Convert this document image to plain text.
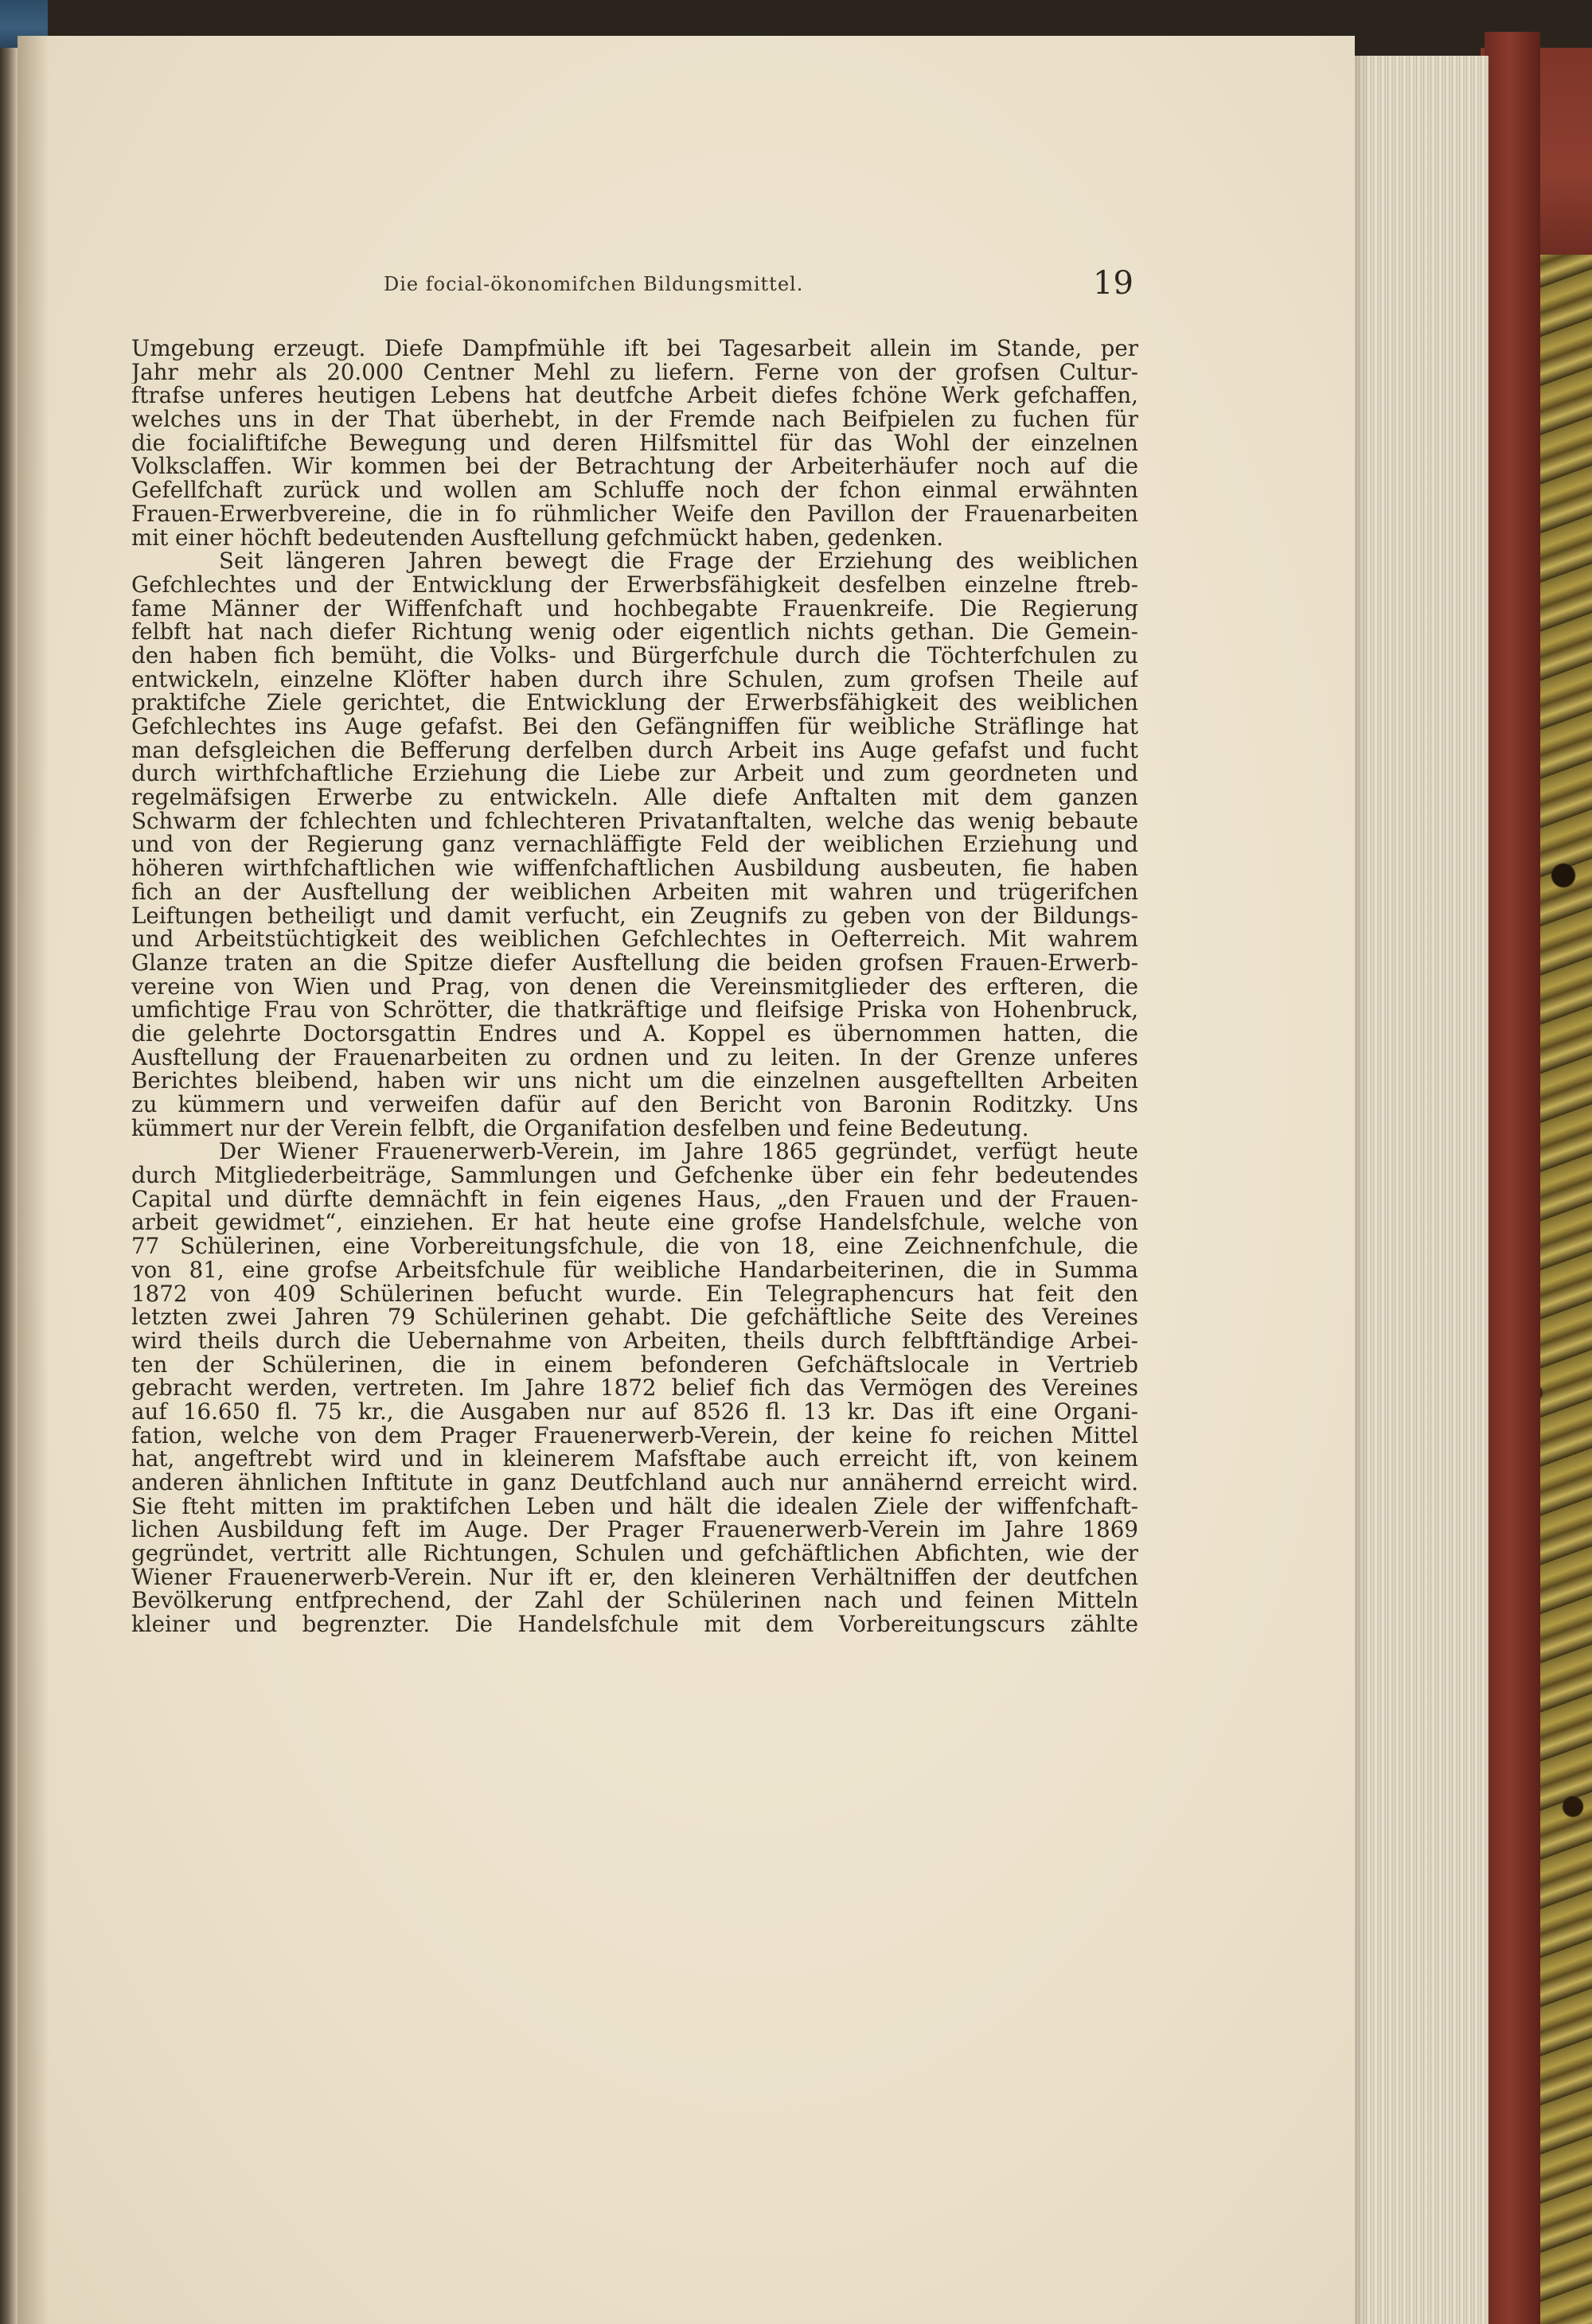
Die focial-ökonomifchen Bildungsmittel.	19
Umgebung erzeugt. Diefe Dampfmühle ift bei Tagesarbeit allein im Stande, per
Jahr mehr als 20.000 Centner Mehl zu liefern. Ferne von der grofsen Cultur-
ftrafse unferes heutigen Lebens hat deutfche Arbeit diefes fchöne Werk gefchaffen,
welches uns in der That überhebt, in der Fremde nach Beifpielen zu fuchen für
die focialiftifche Bewegung und deren Hilfsmittel für das Wohl der einzelnen
Volksclaffen. Wir kommen bei der Betrachtung der Arbeiterhäufer noch auf die
Gefellfchaft zurück und wollen am Schluffe noch der fchon einmal erwähnten
Frauen-Erwerbvereine, die in fo rühmlicher Weife den Pavillon der Frauenarbeiten
mit einer höchft bedeutenden Ausftellung gefchmückt haben, gedenken.
Seit längeren Jahren bewegt die Frage der Erziehung des weiblichen
Gefchlechtes und der Entwicklung der Erwerbsfähigkeit desfelben einzelne ftreb-
fame Männer der Wiffenfchaft und hochbegabte Frauenkreife. Die Regierung
felbft hat nach diefer Richtung wenig oder eigentlich nichts gethan. Die Gemein-
den haben fich bemüht, die Volks- und Bürgerfchule durch die Töchterfchulen zu
entwickeln, einzelne Klöfter haben durch ihre Schulen, zum grofsen Theile auf
praktifche Ziele gerichtet, die Entwicklung der Erwerbsfähigkeit des weiblichen
Gefchlechtes ins Auge gefafst. Bei den Gefängniffen für weibliche Sträflinge hat
man defsgleichen die Befferung derfelben durch Arbeit ins Auge gefafst und fucht
durch wirthfchaftliche Erziehung die Liebe zur Arbeit und zum geordneten und
regelmäfsigen Erwerbe zu entwickeln. Alle diefe Anftalten mit dem ganzen
Schwarm der fchlechten und fchlechteren Privatanftalten, welche das wenig bebaute
und von der Regierung ganz vernachläffigte Feld der weiblichen Erziehung und
höheren wirthfchaftlichen wie wiffenfchaftlichen Ausbildung ausbeuten, fie haben
fich an der Ausftellung der weiblichen Arbeiten mit wahren und trügerifchen
Leiftungen betheiligt und damit verfucht, ein Zeugnifs zu geben von der Bildungs-
und Arbeitstüchtigkeit des weiblichen Gefchlechtes in Oefterreich. Mit wahrem
Glanze traten an die Spitze diefer Ausftellung die beiden grofsen Frauen-Erwerb-
vereine von Wien und Prag, von denen die Vereinsmitglieder des erfteren, die
umfichtige Frau von Schrötter, die thatkräftige und fleifsige Priska von Hohenbruck,
die gelehrte Doctorsgattin Endres und A. Koppel es übernommen hatten, die
Ausftellung der Frauenarbeiten zu ordnen und zu leiten. In der Grenze unferes
Berichtes bleibend, haben wir uns nicht um die einzelnen ausgeftellten Arbeiten
zu kümmern und verweifen dafür auf den Bericht von Baronin Roditzky. Uns
kümmert nur der Verein felbft, die Organifation desfelben und feine Bedeutung.
Der Wiener Frauenerwerb-Verein, im Jahre 1865 gegründet, verfügt heute
durch Mitgliederbeiträge, Sammlungen und Gefchenke über ein fehr bedeutendes
Capital und dürfte demnächft in fein eigenes Haus, „den Frauen und der Frauen-
arbeit gewidmet“, einziehen. Er hat heute eine grofse Handelsfchule, welche von
77 Schülerinen, eine Vorbereitungsfchule, die von 18, eine Zeichnenfchule, die
von 81, eine grofse Arbeitsfchule für weibliche Handarbeiterinen, die in Summa
1872 von 409 Schülerinen befucht wurde. Ein Telegraphencurs hat feit den
letzten zwei Jahren 79 Schülerinen gehabt. Die gefchäftliche Seite des Vereines
wird theils durch die Uebernahme von Arbeiten, theils durch felbftftändige Arbei-
ten der Schülerinen, die in einem befonderen Gefchäftslocale in Vertrieb
gebracht werden, vertreten. Im Jahre 1872 belief fich das Vermögen des Vereines
auf 16.650 fl. 75 kr., die Ausgaben nur auf 8526 fl. 13 kr. Das ift eine Organi-
fation, welche von dem Prager Frauenerwerb-Verein, der keine fo reichen Mittel
hat, angeftrebt wird und in kleinerem Mafsftabe auch erreicht ift, von keinem
anderen ähnlichen Inftitute in ganz Deutfchland auch nur annähernd erreicht wird.
Sie fteht mitten im praktifchen Leben und hält die idealen Ziele der wiffenfchaft-
lichen Ausbildung feft im Auge. Der Prager Frauenerwerb-Verein im Jahre 1869
gegründet, vertritt alle Richtungen, Schulen und gefchäftlichen Abfichten, wie der
Wiener Frauenerwerb-Verein. Nur ift er, den kleineren Verhältniffen der deutfchen
Bevölkerung entfprechend, der Zahl der Schülerinen nach und feinen Mitteln
kleiner und begrenzter. Die Handelsfchule mit dem Vorbereitungscurs zählte
